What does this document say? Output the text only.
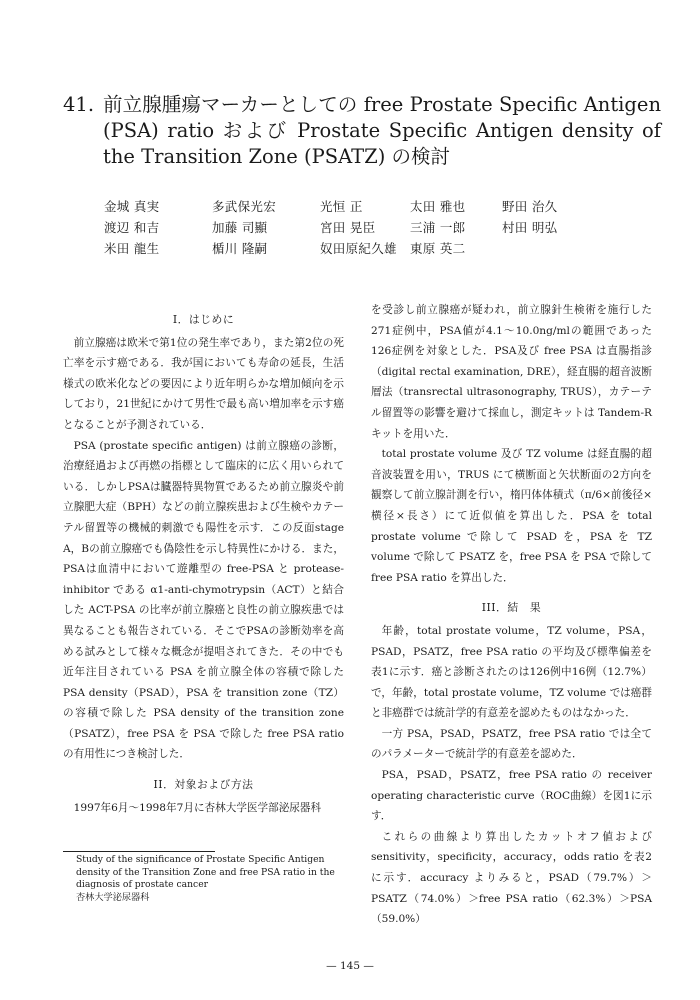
41. 前立腺腫瘍マーカーとしての free Prostate Specific Antigen (PSA) ratio および Prostate Specific Antigen density of the Transition Zone (PSATZ) の検討
金城 真実	多武保光宏	光恒 正	太田 雅也	野田 治久
渡辺 和吉	加藤 司顯	宮田 晃臣	三浦 一郎	村田 明弘
米田 龍生	楯川 隆嗣	奴田原紀久雄	東原 英二
I．はじめに

前立腺癌は欧米で第1位の発生率であり，また第2位の死亡率を示す癌である．我が国においても寿命の延長，生活様式の欧米化などの要因により近年明らかな増加傾向を示しており，21世紀にかけて男性で最も高い増加率を示す癌となることが予測されている．

PSA (prostate specific antigen) は前立腺癌の診断，治療経過および再燃の指標として臨床的に広く用いられている．しかしPSAは臓器特異物質であるため前立腺炎や前立腺肥大症（BPH）などの前立腺疾患および生検やカテーテル留置等の機械的刺激でも陽性を示す．この反面stage A，Bの前立腺癌でも偽陰性を示し特異性にかける．また，PSAは血清中において遊離型の free-PSA と protease-inhibitor である α1-anti-chymotrypsin（ACT）と結合した ACT-PSA の比率が前立腺癌と良性の前立腺疾患では異なることも報告されている．そこでPSAの診断効率を高める試みとして様々な概念が提唱されてきた．その中でも近年注目されている PSA を前立腺全体の容積で除した PSA density（PSAD），PSA を transition zone（TZ）の容積で除した PSA density of the transition zone（PSATZ），free PSA を PSA で除した free PSA ratio の有用性につき検討した．

II．対象および方法

1997年6月～1998年7月に杏林大学医学部泌尿器科

を受診し前立腺癌が疑われ，前立腺針生検術を施行した271症例中，PSA値が4.1～10.0ng/mlの範囲であった126症例を対象とした．PSA及び free PSA は直腸指診（digital rectal examination, DRE），経直腸的超音波断層法（transrectal ultrasonography, TRUS），カテーテル留置等の影響を避けて採血し，測定キットは Tandem-R キットを用いた．

total prostate volume 及び TZ volume は経直腸的超音波装置を用い，TRUS にて横断面と矢状断面の2方向を観察して前立腺計測を行い，楕円体体積式（π/6×前後径×横径×長さ）にて近似値を算出した．PSA を total prostate volume で除して PSAD を，PSA を TZ volume で除して PSATZ を，free PSA を PSA で除して free PSA ratio を算出した．

III．結　果

年齢，total prostate volume，TZ volume，PSA，PSAD，PSATZ，free PSA ratio の平均及び標準偏差を表1に示す．癌と診断されたのは126例中16例（12.7%）で，年齢，total prostate volume，TZ volume では癌群と非癌群では統計学的有意差を認めたものはなかった．

一方 PSA，PSAD，PSATZ，free PSA ratio では全てのパラメーターで統計学的有意差を認めた．

PSA，PSAD，PSATZ，free PSA ratio の receiver operating characteristic curve（ROC曲線）を図1に示す．

これらの曲線より算出したカットオフ値および sensitivity，specificity，accuracy，odds ratio を表2に示す．accuracy よりみると，PSAD（79.7%）＞PSATZ（74.0%）＞free PSA ratio（62.3%）＞PSA（59.0%）

Study of the significance of Prostate Specific Antigen density of the Transition Zone and free PSA ratio in the diagnosis of prostate cancer
杏林大学泌尿器科
— 145 —
